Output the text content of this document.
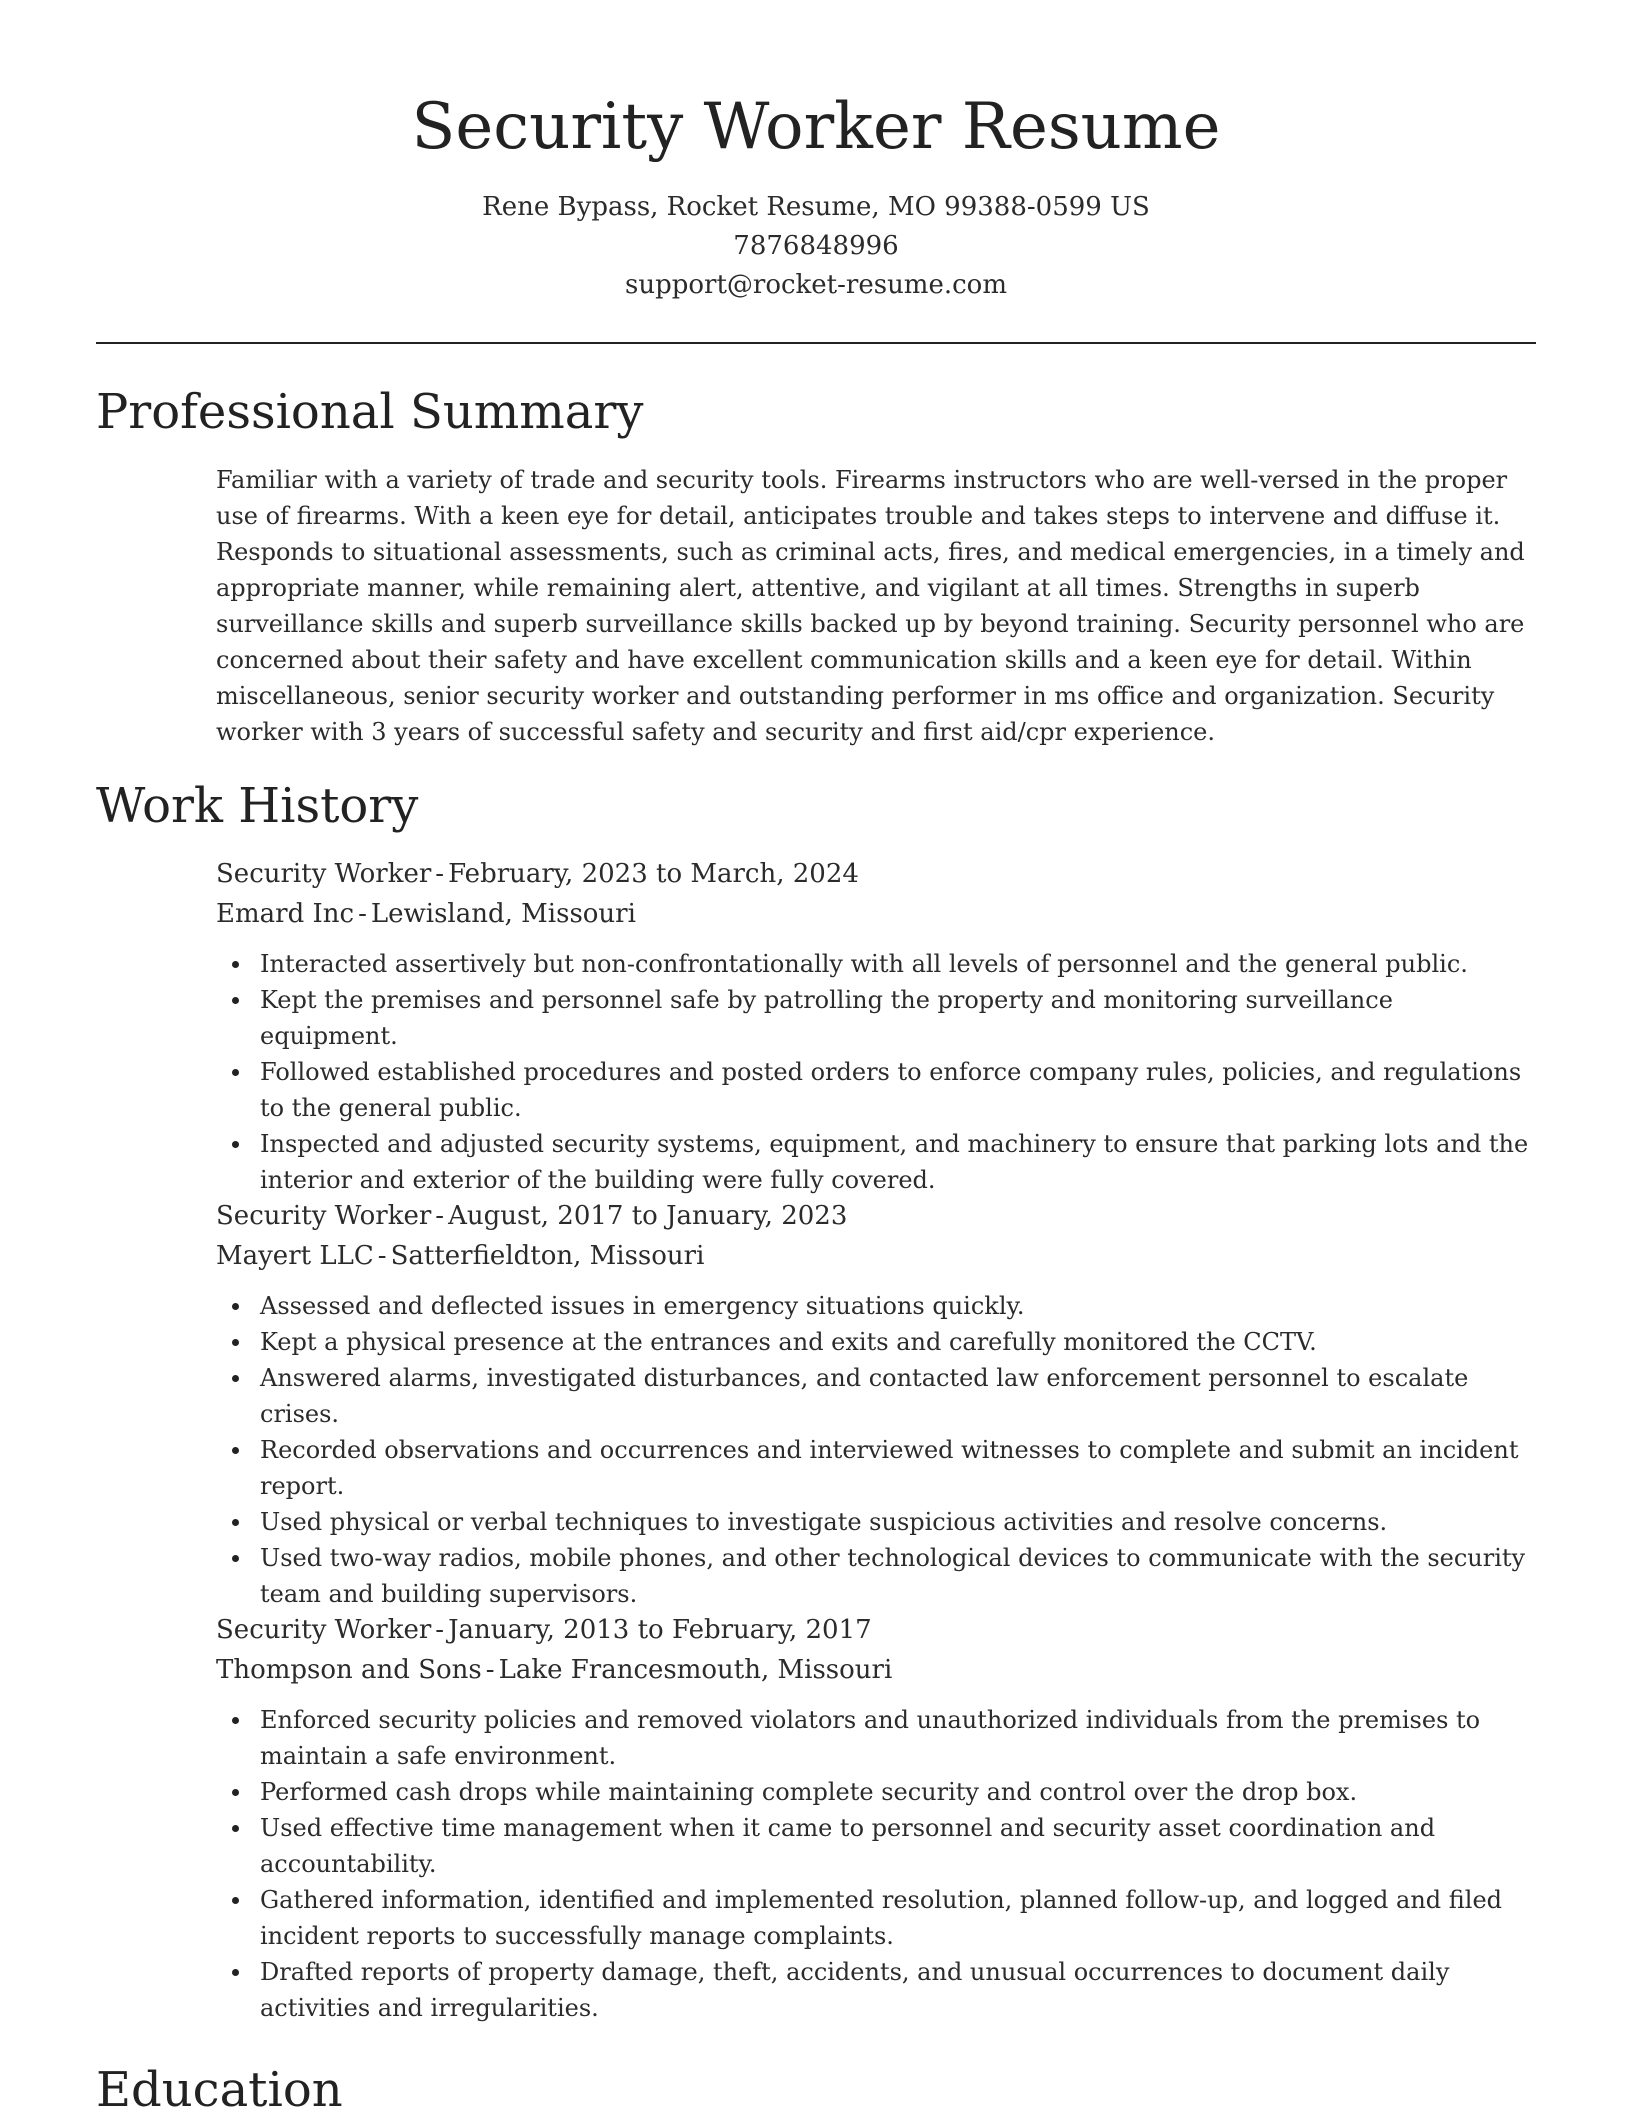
Security Worker Resume
Rene Bypass, Rocket Resume, MO 99388-0599 US
7876848996
support@rocket-resume.com
Professional Summary

Familiar with a variety of trade and security tools. Firearms instructors who are well-versed in the proper use of firearms. With a keen eye for detail, anticipates trouble and takes steps to intervene and diffuse it. Responds to situational assessments, such as criminal acts, fires, and medical emergencies, in a timely and appropriate manner, while remaining alert, attentive, and vigilant at all times. Strengths in superb surveillance skills and superb surveillance skills backed up by beyond training. Security personnel who are concerned about their safety and have excellent communication skills and a keen eye for detail. Within miscellaneous, senior security worker and outstanding performer in ms office and organization. Security worker with 3 years of successful safety and security and first aid/cpr experience.

Work History
Security Worker - February, 2023 to March, 2024
Emard Inc - Lewisland, Missouri
Interacted assertively but non-confrontationally with all levels of personnel and the general public.
Kept the premises and personnel safe by patrolling the property and monitoring surveillance equipment.
Followed established procedures and posted orders to enforce company rules, policies, and regulations to the general public.
Inspected and adjusted security systems, equipment, and machinery to ensure that parking lots and the interior and exterior of the building were fully covered.
Security Worker - August, 2017 to January, 2023
Mayert LLC - Satterfieldton, Missouri
Assessed and deflected issues in emergency situations quickly.
Kept a physical presence at the entrances and exits and carefully monitored the CCTV.
Answered alarms, investigated disturbances, and contacted law enforcement personnel to escalate crises.
Recorded observations and occurrences and interviewed witnesses to complete and submit an incident report.
Used physical or verbal techniques to investigate suspicious activities and resolve concerns.
Used two-way radios, mobile phones, and other technological devices to communicate with the security team and building supervisors.
Security Worker - January, 2013 to February, 2017
Thompson and Sons - Lake Francesmouth, Missouri
Enforced security policies and removed violators and unauthorized individuals from the premises to maintain a safe environment.
Performed cash drops while maintaining complete security and control over the drop box.
Used effective time management when it came to personnel and security asset coordination and accountability.
Gathered information, identified and implemented resolution, planned follow-up, and logged and filed incident reports to successfully manage complaints.
Drafted reports of property damage, theft, accidents, and unusual occurrences to document daily activities and irregularities.
Education
